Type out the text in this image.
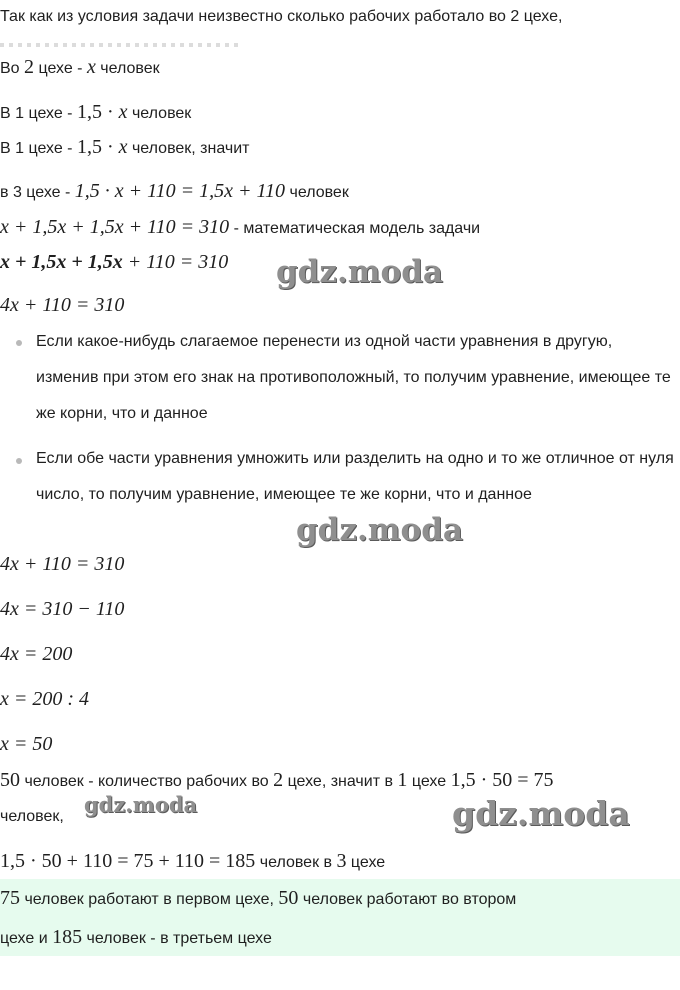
Так как из условия задачи неизвестно сколько рабочих работало во 2 цехе,
Во 2 цехе - x человек
В 1 цехе - 1,5 · x человек
В 1 цехе - 1,5 · x человек, значит
в 3 цехе - 1,5 · x + 110 = 1,5x + 110 человек
x + 1,5x + 1,5x + 110 = 310 - математическая модель задачи
x + 1,5x + 1,5x + 110 = 310
4x + 110 = 310
Если какое-нибудь слагаемое перенести из одной части уравнения в другую, изменив при этом его знак на противоположный, то получим уравнение, имеющее те же корни, что и данное
Если обе части уравнения умножить или разделить на одно и то же отличное от нуля число, то получим уравнение, имеющее те же корни, что и данное
4x + 110 = 310
4x = 310 − 110
4x = 200
x = 200 : 4
x = 50
50 человек - количество рабочих во 2 цехе, значит в 1 цехе 1,5 · 50 = 75
человек,
1,5 · 50 + 110 = 75 + 110 = 185 человек в 3 цехе
75 человек работают в первом цехе, 50 человек работают во втором
цехе и 185 человек - в третьем цехе
gdz.moda
gdz.moda
gdz.moda	gdz.moda
